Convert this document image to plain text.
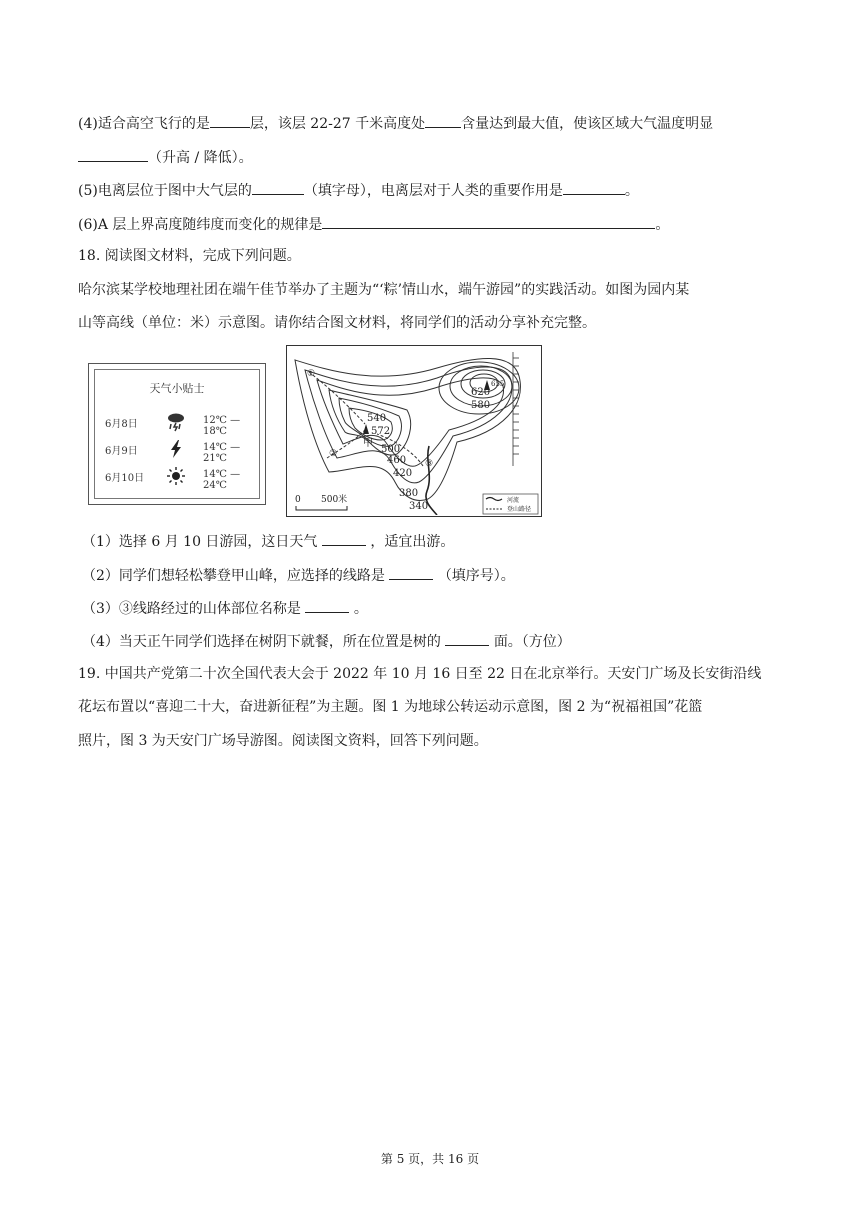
(4)适合高空飞行的是	层，该层 22-27 千米高度处	含量达到最大值，使该区域大气温度明显
（升高 / 降低）。
(5)电离层位于图中大气层的	（填字母），电离层对于人类的重要作用是	。
(6)A 层上界高度随纬度而变化的规律是	。
18. 阅读图文材料，完成下列问题。
哈尔滨某学校地理社团在端午佳节举办了主题为“‘粽’情山水，端午游园”的实践活动。如图为园内某
山等高线（单位：米）示意图。请你结合图文材料，将同学们的活动分享补充完整。
天气小贴士
6月8日	12℃ —18℃
6月9日	14℃ —21℃
6月10日	14℃ —24℃
572
甲
655
540
500
460
420
380
340
620
580
①
②
③
0 500米	河流
登山路径
（1）选择 6 月 10 日游园，这日天气	，适宜出游。
（2）同学们想轻松攀登甲山峰，应选择的线路是	（填序号）。
（3）③线路经过的山体部位名称是	。
（4）当天正午同学们选择在树阴下就餐，所在位置是树的	面。（方位）
19. 中国共产党第二十次全国代表大会于 2022 年 10 月 16 日至 22 日在北京举行。天安门广场及长安街沿线
花坛布置以“喜迎二十大，奋进新征程”为主题。图 1 为地球公转运动示意图，图 2 为“祝福祖国”花篮
照片，图 3 为天安门广场导游图。阅读图文资料，回答下列问题。
第 5 页，共 16 页
